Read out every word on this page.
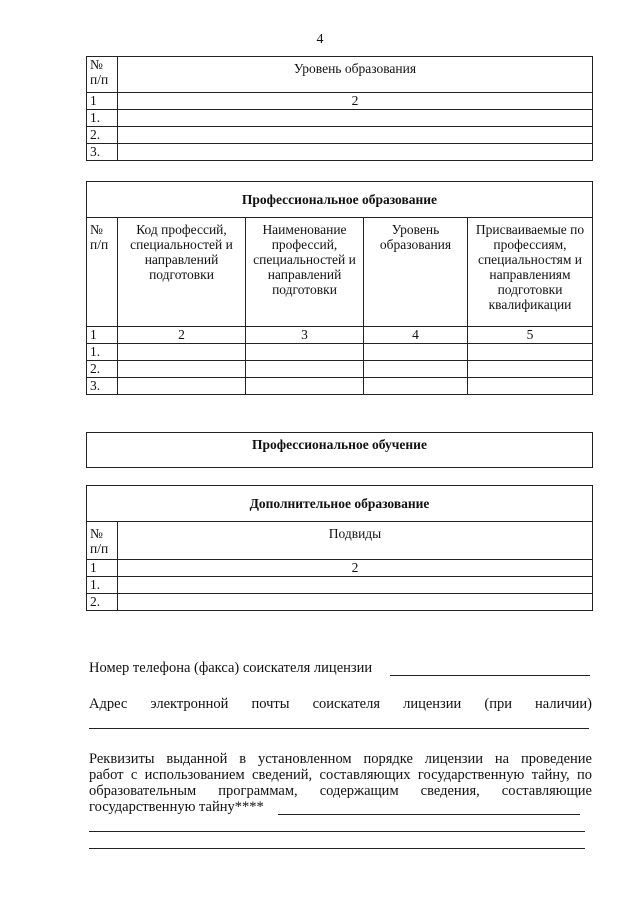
4
№ п/п	Уровень образования
1	2
1.	
2.	
3.	
Профессиональное образование				
№ п/п	Код профессий, специальностей и направлений подготовки	Наименование профессий, специальностей и направлений подготовки	Уровень образования	Присваиваемые по профессиям, специальностям и направлениям подготовки квалификации
1	2	3	4	5
1.				
2.				
3.				
Профессиональное обучение
Дополнительное образование	
№ п/п	Подвиды
1	2
1.	
2.	
Номер телефона (факса) соискателя лицензии
Адрес электронной почты соискателя лицензии (при наличии)
Реквизиты выданной в установленном порядке лицензии на проведение
работ с использованием сведений, составляющих государственную тайну, по
образовательным программам, содержащим сведения, составляющие
государственную тайну****
